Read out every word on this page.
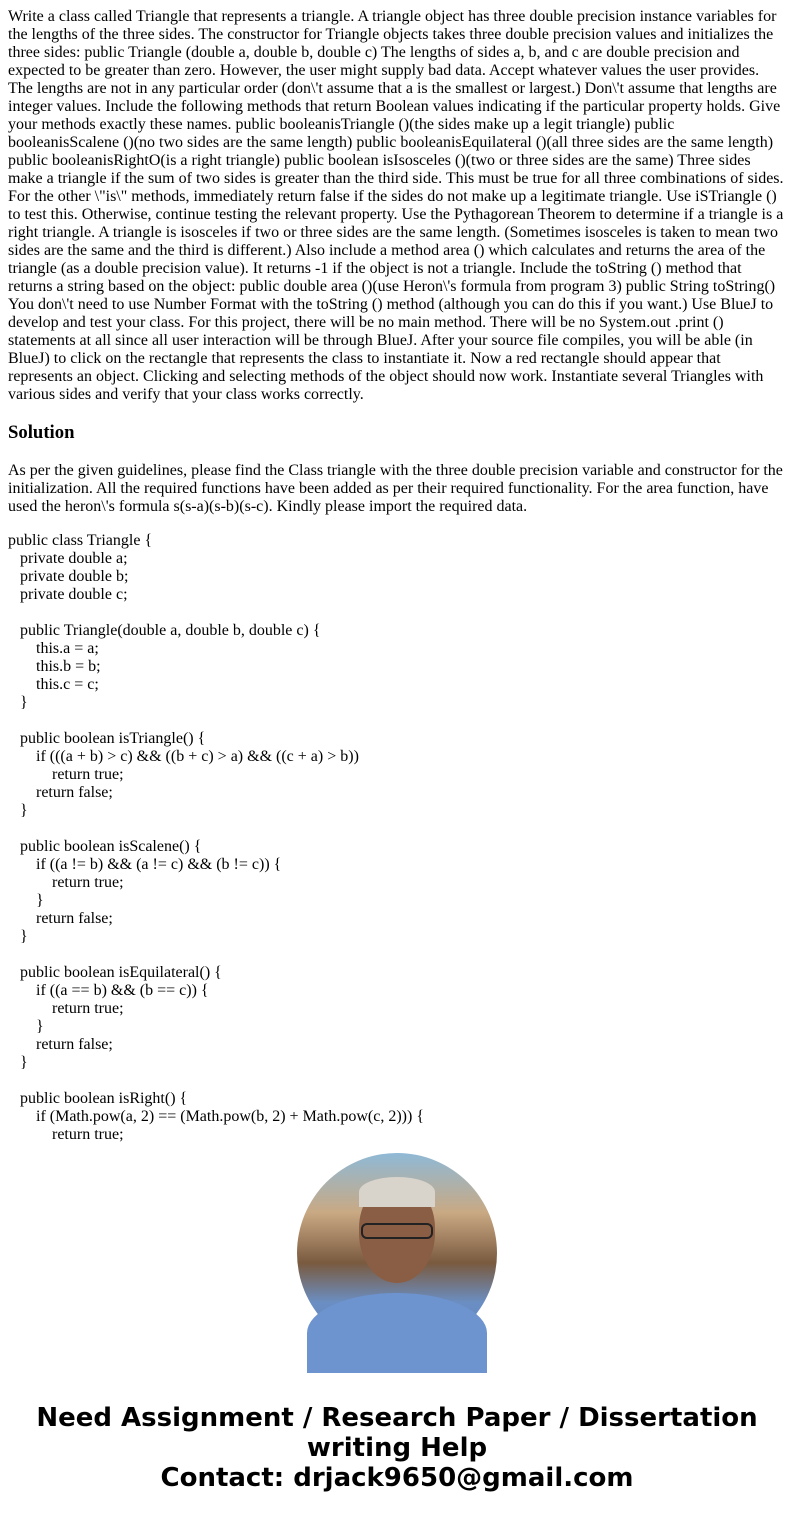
Write a class called Triangle that represents a triangle. A triangle object has three double precision instance variables for the lengths of the three sides. The constructor for Triangle objects takes three double precision values and initializes the three sides: public Triangle (double a, double b, double c) The lengths of sides a, b, and c are double precision and expected to be greater than zero. However, the user might supply bad data. Accept whatever values the user provides. The lengths are not in any particular order (don\'t assume that a is the smallest or largest.) Don\'t assume that lengths are integer values. Include the following methods that return Boolean values indicating if the particular property holds. Give your methods exactly these names. public booleanisTriangle ()(the sides make up a legit triangle) public booleanisScalene ()(no two sides are the same length) public booleanisEquilateral ()(all three sides are the same length) public booleanisRightO(is a right triangle) public boolean isIsosceles ()(two or three sides are the same) Three sides make a triangle if the sum of two sides is greater than the third side. This must be true for all three combinations of sides. For the other \"is\" methods, immediately return false if the sides do not make up a legitimate triangle. Use iSTriangle () to test this. Otherwise, continue testing the relevant property. Use the Pythagorean Theorem to determine if a triangle is a right triangle. A triangle is isosceles if two or three sides are the same length. (Sometimes isosceles is taken to mean two sides are the same and the third is different.) Also include a method area () which calculates and returns the area of the triangle (as a double precision value). It returns -1 if the object is not a triangle. Include the toString () method that returns a string based on the object: public double area ()(use Heron\'s formula from program 3) public String toString() You don\'t need to use Number Format with the toString () method (although you can do this if you want.) Use BlueJ to develop and test your class. For this project, there will be no main method. There will be no System.out .print () statements at all since all user interaction will be through BlueJ. After your source file compiles, you will be able (in BlueJ) to click on the rectangle that represents the class to instantiate it. Now a red rectangle should appear that represents an object. Clicking and selecting methods of the object should now work. Instantiate several Triangles with various sides and verify that your class works correctly.

Solution

As per the given guidelines, please find the Class triangle with the three double precision variable and constructor for the initialization. All the required functions have been added as per their required functionality. For the area function, have used the heron\'s formula s(s-a)(s-b)(s-c). Kindly please import the required data.

public class Triangle {
private double a;
private double b;
private double c;

public Triangle(double a, double b, double c) {
this.a = a;
this.b = b;
this.c = c;
}

public boolean isTriangle() {
if (((a + b) > c) && ((b + c) > a) && ((c + a) > b))
return true;
return false;
}

public boolean isScalene() {
if ((a != b) && (a != c) && (b != c)) {
return true;
}
return false;
}

public boolean isEquilateral() {
if ((a == b) && (b == c)) {
return true;
}
return false;
}

public boolean isRight() {
if (Math.pow(a, 2) == (Math.pow(b, 2) + Math.pow(c, 2))) {
return true;
Need Assignment / Research Paper / Dissertation writing Help
Contact: drjack9650@gmail.com
